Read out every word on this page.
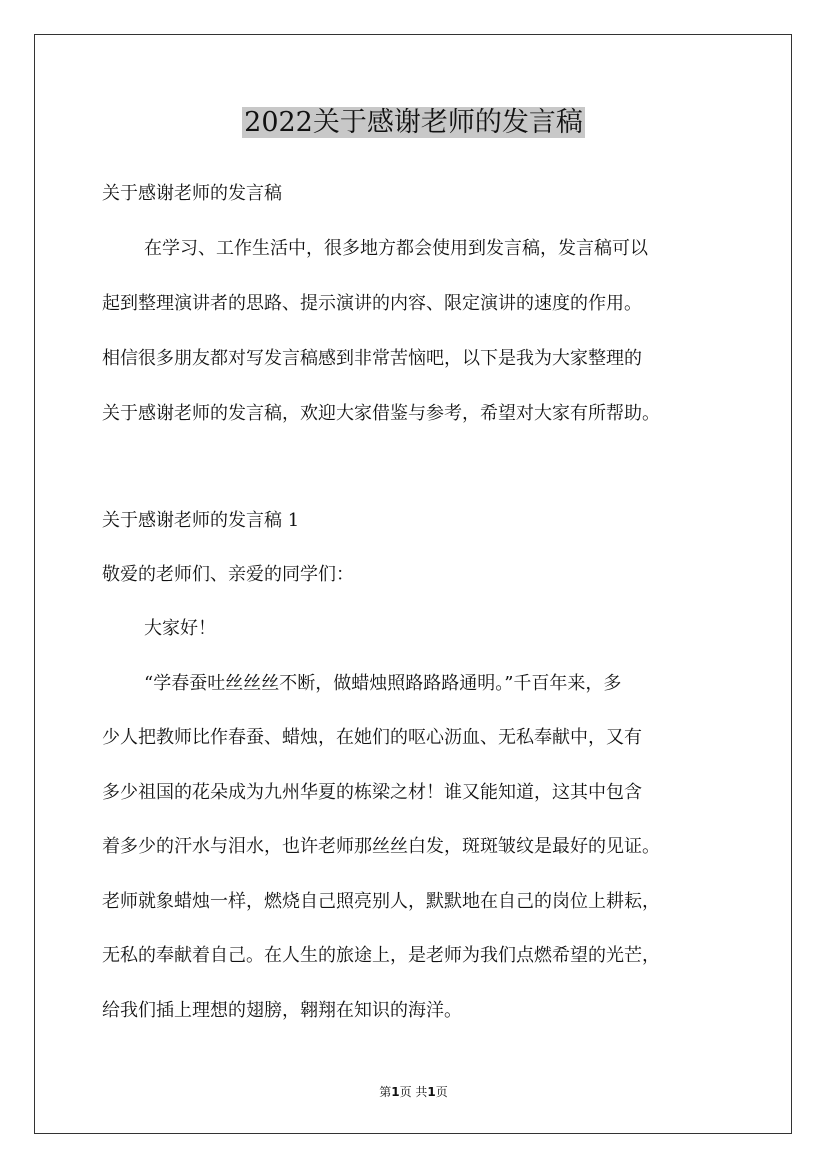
2022关于感谢老师的发言稿
关于感谢老师的发言稿
在学习、工作生活中，很多地方都会使用到发言稿，发言稿可以
起到整理演讲者的思路、提示演讲的内容、限定演讲的速度的作用。
相信很多朋友都对写发言稿感到非常苦恼吧，以下是我为大家整理的
关于感谢老师的发言稿，欢迎大家借鉴与参考，希望对大家有所帮助。
关于感谢老师的发言稿 1
敬爱的老师们、亲爱的同学们：
大家好！
“学春蚕吐丝丝丝不断，做蜡烛照路路路通明。”千百年来，多
少人把教师比作春蚕、蜡烛，在她们的呕心沥血、无私奉献中，又有
多少祖国的花朵成为九州华夏的栋梁之材！谁又能知道，这其中包含
着多少的汗水与泪水，也许老师那丝丝白发，斑斑皱纹是最好的见证。
老师就象蜡烛一样，燃烧自己照亮别人，默默地在自己的岗位上耕耘，
无私的奉献着自己。在人生的旅途上，是老师为我们点燃希望的光芒，
给我们插上理想的翅膀，翱翔在知识的海洋。
第1页 共1页
